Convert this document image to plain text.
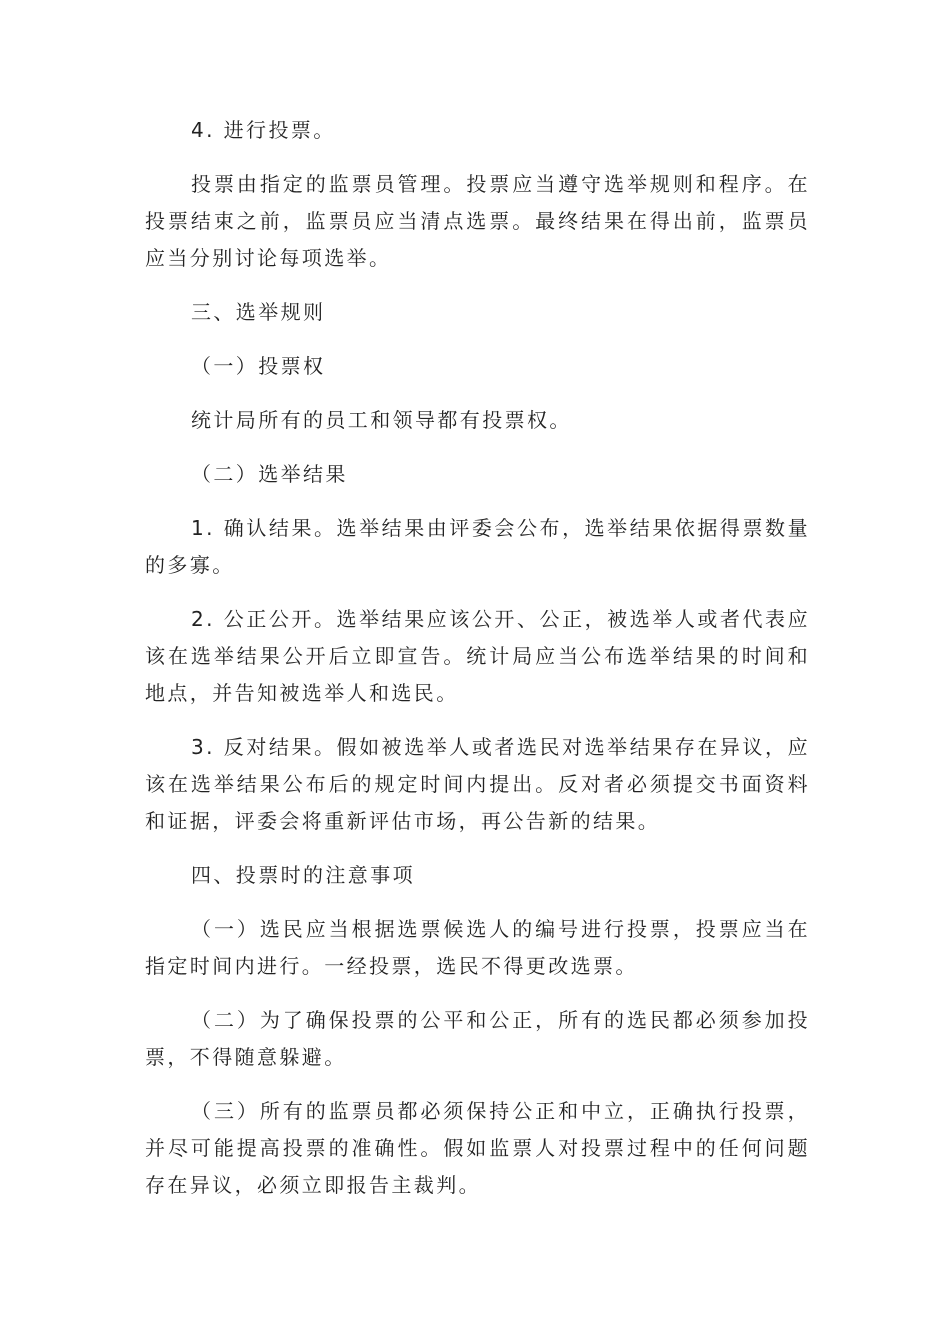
4. 进行投票。

投票由指定的监票员管理。投票应当遵守选举规则和程序。在投票结束之前，监票员应当清点选票。最终结果在得出前，监票员应当分别讨论每项选举。

三、选举规则

（一）投票权

统计局所有的员工和领导都有投票权。

（二）选举结果

1. 确认结果。选举结果由评委会公布，选举结果依据得票数量的多寡。

2. 公正公开。选举结果应该公开、公正，被选举人或者代表应该在选举结果公开后立即宣告。统计局应当公布选举结果的时间和地点，并告知被选举人和选民。

3. 反对结果。假如被选举人或者选民对选举结果存在异议，应该在选举结果公布后的规定时间内提出。反对者必须提交书面资料和证据，评委会将重新评估市场，再公告新的结果。

四、投票时的注意事项

（一）选民应当根据选票候选人的编号进行投票，投票应当在指定时间内进行。一经投票，选民不得更改选票。

（二）为了确保投票的公平和公正，所有的选民都必须参加投票，不得随意躲避。

（三）所有的监票员都必须保持公正和中立，正确执行投票，并尽可能提高投票的准确性。假如监票人对投票过程中的任何问题存在异议，必须立即报告主裁判。
